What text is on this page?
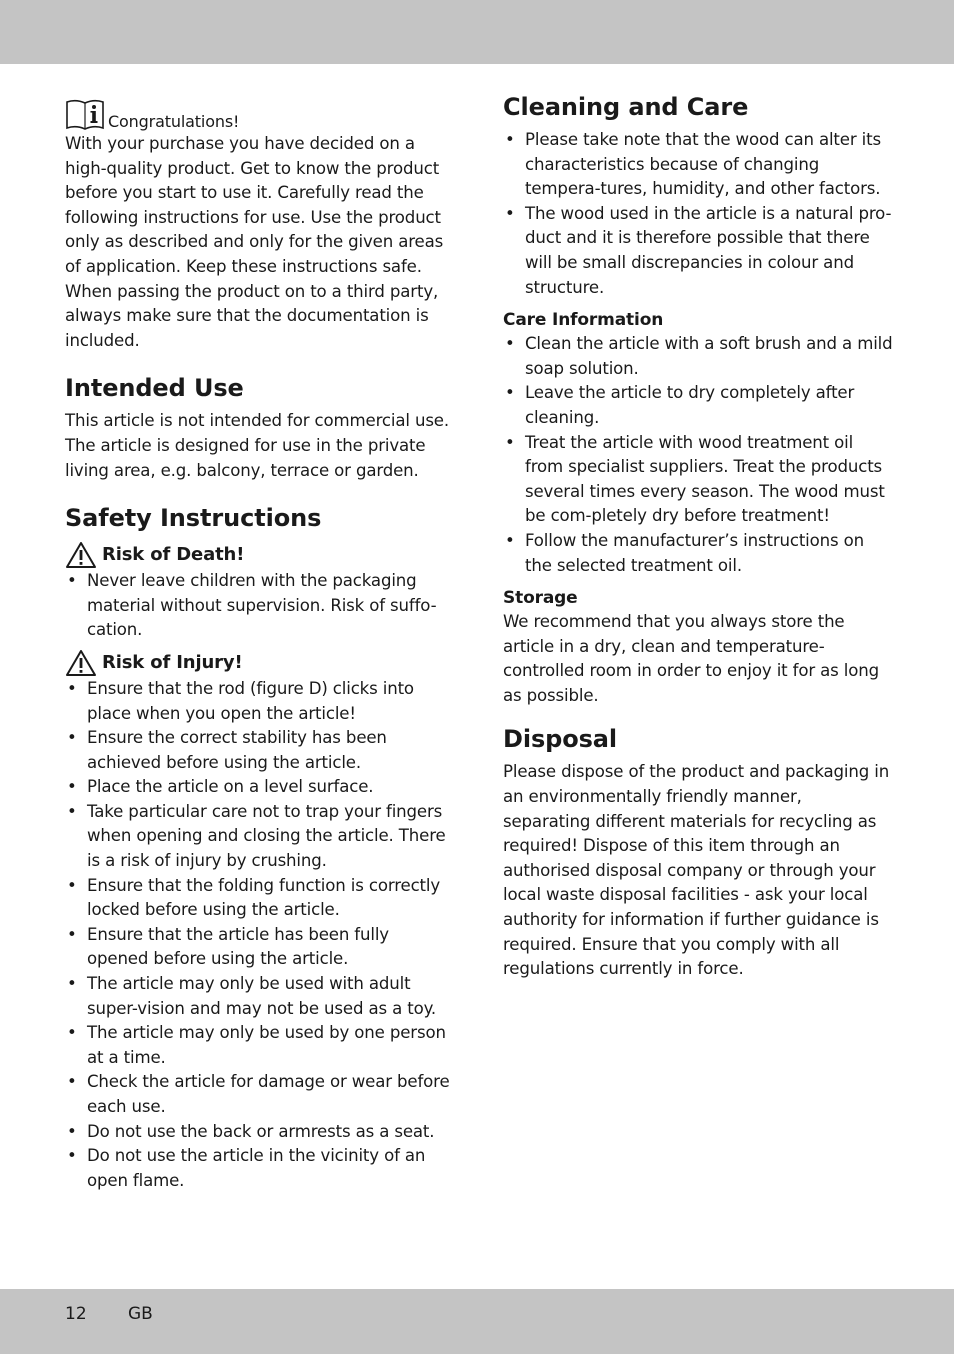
Congratulations!

With your purchase you have decided on a high-quality product. Get to know the product before you start to use it. Carefully read the following instructions for use. Use the product only as described and only for the given areas of application. Keep these instructions safe. When passing the product on to a third party, always make sure that the documentation is included.

Intended Use

This article is not intended for commercial use. The article is designed for use in the private living area, e.g. balcony, terrace or garden.

Safety Instructions
Risk of Death!
• Never leave children with the packaging material without supervision. Risk of suffo-cation.
Risk of Injury!
• Ensure that the rod (figure D) clicks into place when you open the article!
• Ensure the correct stability has been achieved before using the article.
• Place the article on a level surface.
• Take particular care not to trap your fingers when opening and closing the article. There is a risk of injury by crushing.
• Ensure that the folding function is correctly locked before using the article.
• Ensure that the article has been fully opened before using the article.
• The article may only be used with adult super-vision and may not be used as a toy.
• The article may only be used by one person at a time.
• Check the article for damage or wear before each use.
• Do not use the back or armrests as a seat.
• Do not use the article in the vicinity of an open flame.
Cleaning and Care
• Please take note that the wood can alter its characteristics because of changing tempera-tures, humidity, and other factors.
• The wood used in the article is a natural pro-duct and it is therefore possible that there will be small discrepancies in colour and structure.
Care Information
• Clean the article with a soft brush and a mild soap solution.
• Leave the article to dry completely after cleaning.
• Treat the article with wood treatment oil from specialist suppliers. Treat the products several times every season. The wood must be com-pletely dry before treatment!
• Follow the manufacturer’s instructions on the selected treatment oil.
Storage

We recommend that you always store the article in a dry, clean and temperature-controlled room in order to enjoy it for as long as possible.

Disposal

Please dispose of the product and packaging in an environmentally friendly manner, separating different materials for recycling as required! Dispose of this item through an authorised disposal company or through your local waste disposal facilities - ask your local authority for information if further guidance is required. Ensure that you comply with all regulations currently in force.

12 GB
